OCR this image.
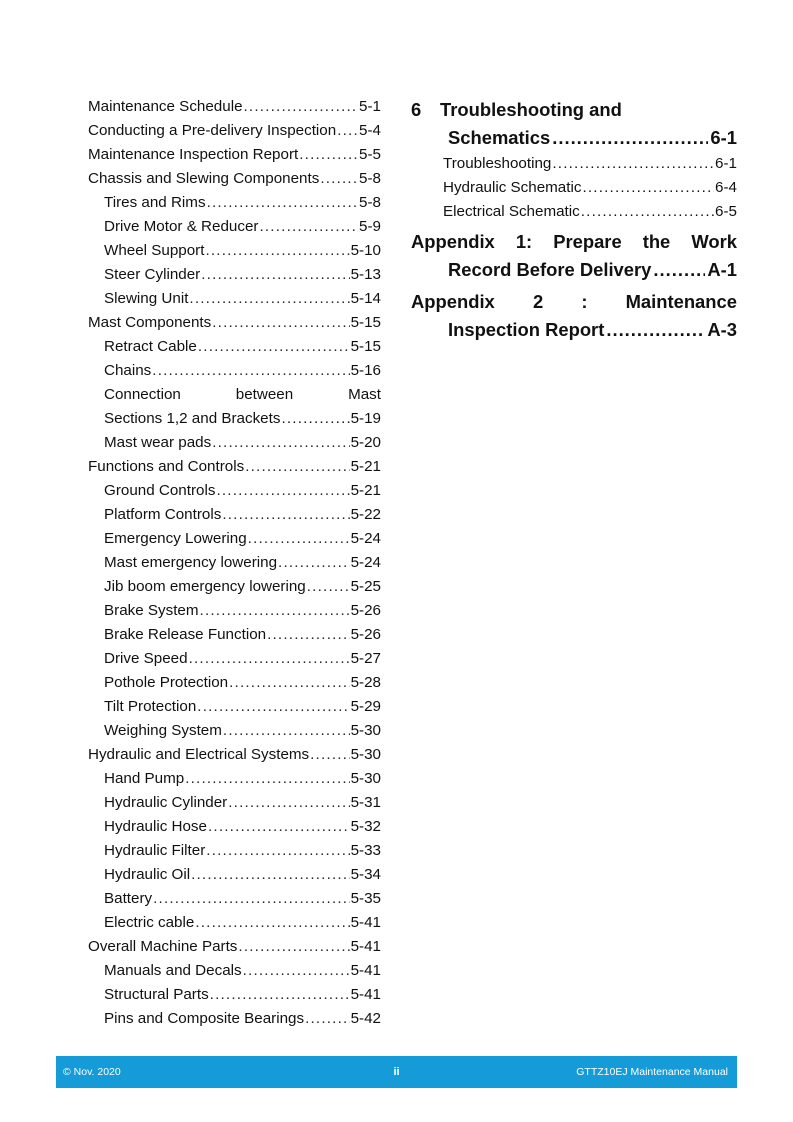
Maintenance Schedule .....	5-1
Conducting a Pre-delivery Inspection ..... 5-4
Maintenance Inspection Report .....	5-5
Chassis and Slewing Components .....	5-8
Tires and Rims .....	5-8
Drive Motor & Reducer .....	5-9
Wheel Support .....	5-10
Steer Cylinder .....	5-13
Slewing Unit .....	5-14
Mast Components .....	5-15
Retract Cable .....	5-15
Chains .....	5-16
Connection	between	Mast
Sections 1,2 and Brackets .....	5-19
Mast wear pads .....	5-20
Functions and Controls .....	5-21
Ground Controls .....	5-21
Platform Controls .....	5-22
Emergency Lowering .....	5-24
Mast emergency lowering .....	5-24
Jib boom emergency lowering .....	5-25
Brake System .....	5-26
Brake Release Function .....	5-26
Drive Speed .....	5-27
Pothole Protection .....	5-28
Tilt Protection .....	5-29
Weighing System .....	5-30
Hydraulic and Electrical Systems .....	5-30
Hand Pump .....	5-30
Hydraulic Cylinder .....	5-31
Hydraulic Hose .....	5-32
Hydraulic Filter .....	5-33
Hydraulic Oil .....	5-34
Battery .....	5-35
Electric cable .....	5-41
Overall Machine Parts .....	5-41
Manuals and Decals .....	5-41
Structural Parts .....	5-41
Pins and Composite Bearings .....	5-42
6	Troubleshooting and
Schematics .....	6-1
Troubleshooting .....	6-1
Hydraulic Schematic .....	6-4
Electrical Schematic .....	6-5
Appendix 1: Prepare the Work
Record Before Delivery .....	A-1
Appendix 2 : Maintenance
Inspection Report .....	A-3
© Nov. 2020	ii	GTTZ10EJ Maintenance Manual
